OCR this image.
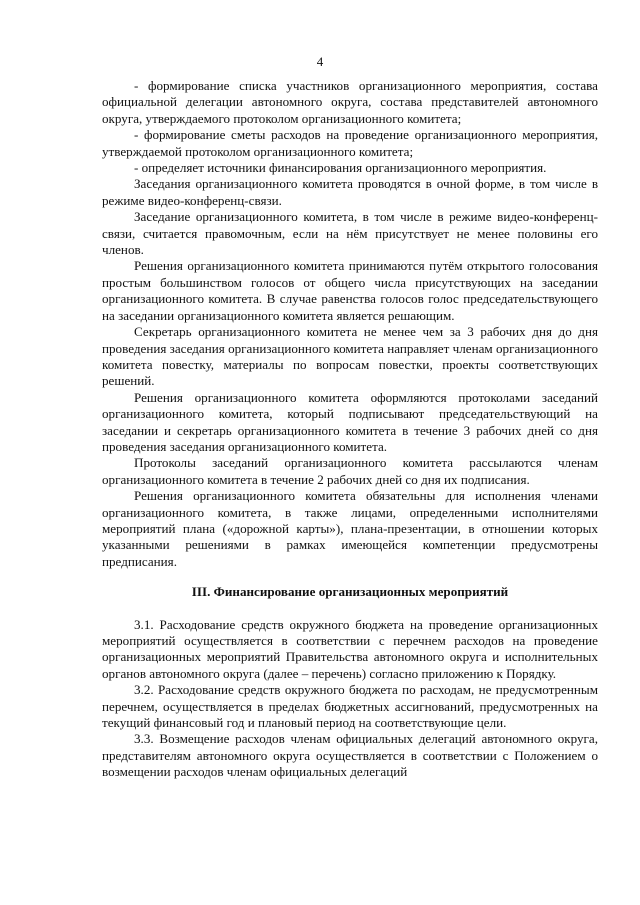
4

- формирование списка участников организационного мероприятия, состава официальной делегации автономного округа, состава представителей автономного округа, утверждаемого протоколом организационного комитета;

- формирование сметы расходов на проведение организационного мероприятия, утверждаемой протоколом организационного комитета;

- определяет источники финансирования организационного мероприятия.

Заседания организационного комитета проводятся в очной форме, в том числе в режиме видео-конференц-связи.

Заседание организационного комитета, в том числе в режиме видео-конференц-связи, считается правомочным, если на нём присутствует не менее половины его членов.

Решения организационного комитета принимаются путём открытого голосования простым большинством голосов от общего числа присутствующих на заседании организационного комитета. В случае равенства голосов голос председательствующего на заседании организационного комитета является решающим.

Секретарь организационного комитета не менее чем за 3 рабочих дня до дня проведения заседания организационного комитета направляет членам организационного комитета повестку, материалы по вопросам повестки, проекты соответствующих решений.

Решения организационного комитета оформляются протоколами заседаний организационного комитета, который подписывают председательствующий на заседании и секретарь организационного комитета в течение 3 рабочих дней со дня проведения заседания организационного комитета.

Протоколы заседаний организационного комитета рассылаются членам организационного комитета в течение 2 рабочих дней со дня их подписания.

Решения организационного комитета обязательны для исполнения членами организационного комитета, в также лицами, определенными исполнителями мероприятий плана («дорожной карты»), плана-презентации, в отношении которых указанными решениями в рамках имеющейся компетенции предусмотрены предписания.

III. Финансирование организационных мероприятий

3.1. Расходование средств окружного бюджета на проведение организационных мероприятий осуществляется в соответствии с перечнем расходов на проведение организационных мероприятий Правительства автономного округа и исполнительных органов автономного округа (далее – перечень) согласно приложению к Порядку.

3.2. Расходование средств окружного бюджета по расходам, не предусмотренным перечнем, осуществляется в пределах бюджетных ассигнований, предусмотренных на текущий финансовый год и плановый период на соответствующие цели.

3.3. Возмещение расходов членам официальных делегаций автономного округа, представителям автономного округа осуществляется в соответствии с Положением о возмещении расходов членам официальных делегаций
